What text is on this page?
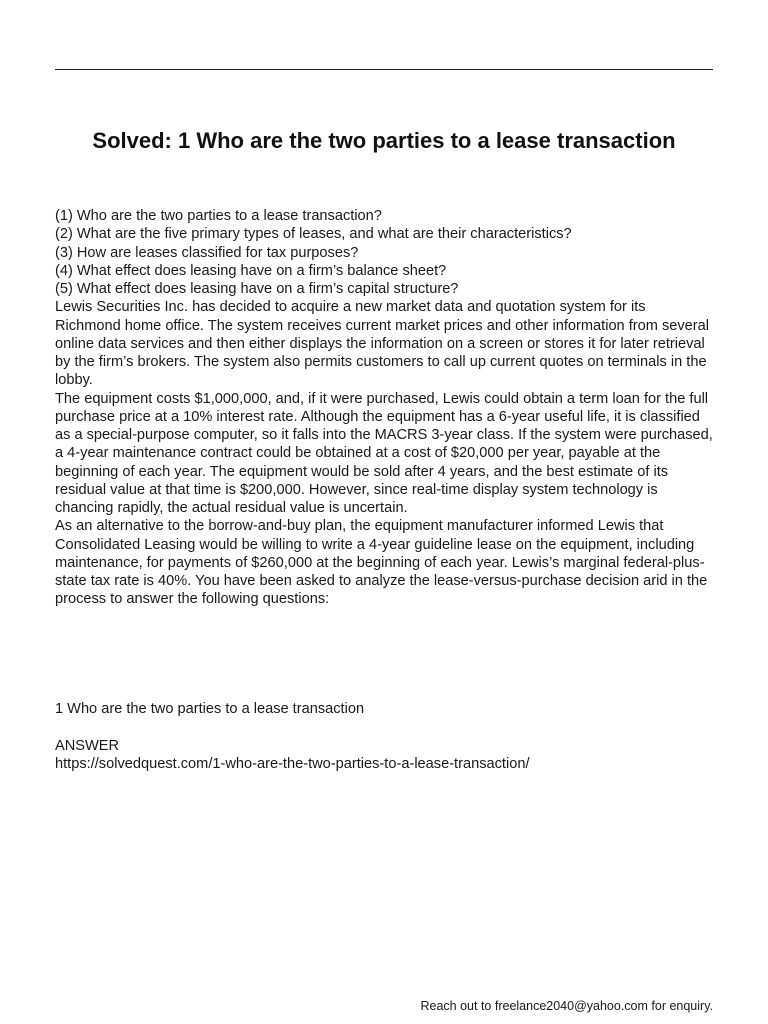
Solved: 1 Who are the two parties to a lease transaction

(1) Who are the two parties to a lease transaction?

(2) What are the five primary types of leases, and what are their characteristics?

(3) How are leases classified for tax purposes?

(4) What effect does leasing have on a firm’s balance sheet?

(5) What effect does leasing have on a firm’s capital structure?

Lewis Securities Inc. has decided to acquire a new market data and quotation system for its Richmond home office. The system receives current market prices and other information from several online data services and then either displays the information on a screen or stores it for later retrieval by the firm’s brokers. The system also permits customers to call up current quotes on terminals in the lobby.

The equipment costs $1,000,000, and, if it were purchased, Lewis could obtain a term loan for the full purchase price at a 10% interest rate. Although the equipment has a 6-year useful life, it is classified as a special-purpose computer, so it falls into the MACRS 3-year class. If the system were purchased, a 4-year maintenance contract could be obtained at a cost of $20,000 per year, payable at the beginning of each year. The equipment would be sold after 4 years, and the best estimate of its residual value at that time is $200,000. However, since real-time display system technology is chancing rapidly, the actual residual value is uncertain.

As an alternative to the borrow-and-buy plan, the equipment manufacturer informed Lewis that Consolidated Leasing would be willing to write a 4-year guideline lease on the equipment, including maintenance, for payments of $260,000 at the beginning of each year. Lewis’s marginal federal-plus-state tax rate is 40%. You have been asked to analyze the lease-versus-purchase decision arid in the process to answer the following questions:

1 Who are the two parties to a lease transaction

ANSWER

https://solvedquest.com/1-who-are-the-two-parties-to-a-lease-transaction/

Reach out to freelance2040@yahoo.com for enquiry.
